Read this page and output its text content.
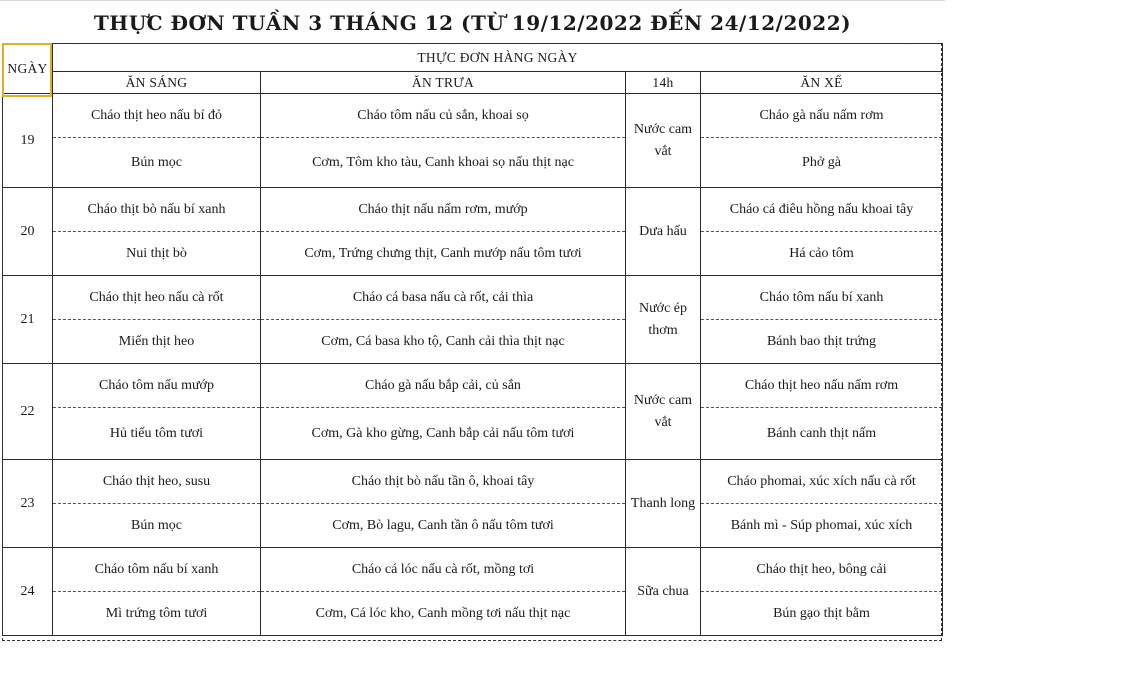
THỰC ĐƠN TUẦN 3 THÁNG 12 (TỪ 19/12/2022 ĐẾN 24/12/2022)
NGÀY	THỰC ĐƠN HÀNG NGÀY			
	ĂN SÁNG	ĂN TRƯA	14h	ĂN XẾ
19	Cháo thịt heo nấu bí đỏ	Cháo tôm nấu củ sắn, khoai sọ	Nước cam vắt	Cháo gà nấu nấm rơm
	Bún mọc	Cơm, Tôm kho tàu, Canh khoai sọ nấu thịt nạc		Phở gà
20	Cháo thịt bò nấu bí xanh	Cháo thịt nấu nấm rơm, mướp	Dưa hấu	Cháo cá điêu hồng nấu khoai tây
	Nui thịt bò	Cơm, Trứng chưng thịt, Canh mướp nấu tôm tươi		Há cảo tôm
21	Cháo thịt heo nấu cà rốt	Cháo cá basa nấu cà rốt, cải thìa	Nước ép thơm	Cháo tôm nấu bí xanh
	Miến thịt heo	Cơm, Cá basa kho tộ, Canh cải thìa thịt nạc		Bánh bao thịt trứng
22	Cháo tôm nấu mướp	Cháo gà nấu bắp cải, củ sắn	Nước cam vắt	Cháo thịt heo nấu nấm rơm
	Hủ tiếu tôm tươi	Cơm, Gà kho gừng, Canh bắp cải nấu tôm tươi		Bánh canh thịt nấm
23	Cháo thịt heo, susu	Cháo thịt bò nấu tần ô, khoai tây	Thanh long	Cháo phomai, xúc xích nấu cà rốt
	Bún mọc	Cơm, Bò lagu, Canh tần ô nấu tôm tươi		Bánh mì - Súp phomai, xúc xích
24	Cháo tôm nấu bí xanh	Cháo cá lóc nấu cà rốt, mồng tơi	Sữa chua	Cháo thịt heo, bông cải
	Mì trứng tôm tươi	Cơm, Cá lóc kho, Canh mồng tơi nấu thịt nạc		Bún gạo thịt bằm
